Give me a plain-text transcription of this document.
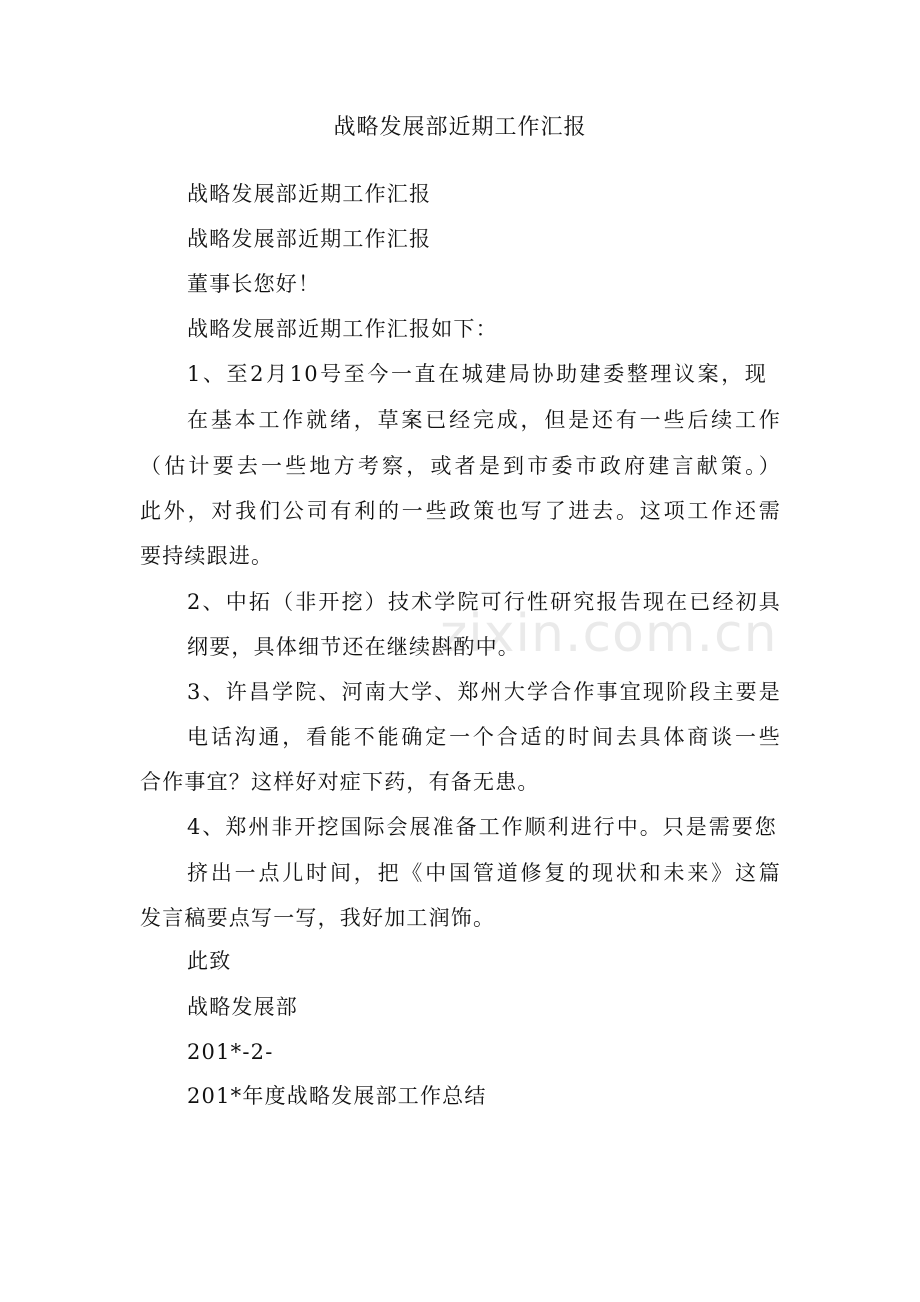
战略发展部近期工作汇报
战略发展部近期工作汇报
战略发展部近期工作汇报
董事长您好！
战略发展部近期工作汇报如下：
1、至2月10号至今一直在城建局协助建委整理议案，现
在基本工作就绪，草案已经完成，但是还有一些后续工作
（估计要去一些地方考察，或者是到市委市政府建言献策。）
此外，对我们公司有利的一些政策也写了进去。这项工作还需
要持续跟进。
2、中拓（非开挖）技术学院可行性研究报告现在已经初具
纲要，具体细节还在继续斟酌中。
3、许昌学院、河南大学、郑州大学合作事宜现阶段主要是
电话沟通，看能不能确定一个合适的时间去具体商谈一些
合作事宜？这样好对症下药，有备无患。
4、郑州非开挖国际会展准备工作顺利进行中。只是需要您
挤出一点儿时间，把《中国管道修复的现状和未来》这篇
发言稿要点写一写，我好加工润饰。
此致
战略发展部
201*-2-
201*年度战略发展部工作总结
zixin.com.cn
